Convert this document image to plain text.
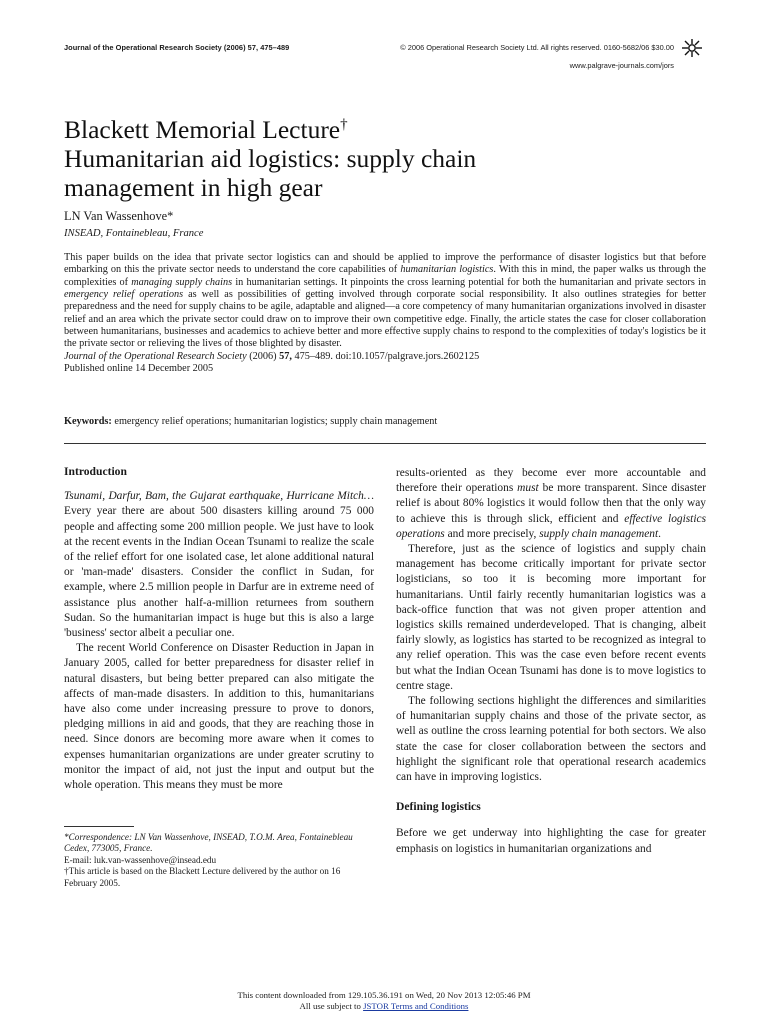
Journal of the Operational Research Society (2006) 57, 475–489	© 2006 Operational Research Society Ltd. All rights reserved. 0160-5682/06 $30.00
www.palgrave-journals.com/jors
Blackett Memorial Lecture†
Humanitarian aid logistics: supply chain
management in high gear
LN Van Wassenhove*
INSEAD, Fontainebleau, France

This paper builds on the idea that private sector logistics can and should be applied to improve the performance of disaster logistics but that before embarking on this the private sector needs to understand the core capabilities of humanitarian logistics. With this in mind, the paper walks us through the complexities of managing supply chains in humanitarian settings. It pinpoints the cross learning potential for both the humanitarian and private sectors in emergency relief operations as well as possibilities of getting involved through corporate social responsibility. It also outlines strategies for better preparedness and the need for supply chains to be agile, adaptable and aligned—a core competency of many humanitarian organizations involved in disaster relief and an area which the private sector could draw on to improve their own competitive edge. Finally, the article states the case for closer collaboration between humanitarians, businesses and academics to achieve better and more effective supply chains to respond to the complexities of today's logistics be it the private sector or relieving the lives of those blighted by disaster.

Journal of the Operational Research Society (2006) 57, 475–489. doi:10.1057/palgrave.jors.2602125

Published online 14 December 2005

Keywords: emergency relief operations; humanitarian logistics; supply chain management
Introduction

Tsunami, Darfur, Bam, the Gujarat earthquake, Hurricane Mitch… Every year there are about 500 disasters killing around 75 000 people and affecting some 200 million people. We just have to look at the recent events in the Indian Ocean Tsunami to realize the scale of the relief effort for one isolated case, let alone additional natural or 'man-made' disasters. Consider the conflict in Sudan, for example, where 2.5 million people in Darfur are in extreme need of assistance plus another half-a-million returnees from southern Sudan. So the humanitarian impact is huge but this is also a large 'business' sector albeit a peculiar one.

The recent World Conference on Disaster Reduction in Japan in January 2005, called for better preparedness for disaster relief in natural disasters, but being better prepared can also mitigate the affects of man-made disasters. In addition to this, humanitarians have also come under increasing pressure to prove to donors, pledging millions in aid and goods, that they are reaching those in need. Since donors are becoming more aware when it comes to expenses humanitarian organizations are under greater scrutiny to monitor the impact of aid, not just the input and output but the whole operation. This means they must be more

*Correspondence: LN Van Wassenhove, INSEAD, T.O.M. Area, Fontainebleau Cedex, 773005, France.
E-mail: luk.van-wassenhove@insead.edu
†This article is based on the Blackett Lecture delivered by the author on 16 February 2005.

results-oriented as they become ever more accountable and therefore their operations must be more transparent. Since disaster relief is about 80% logistics it would follow then that the only way to achieve this is through slick, efficient and effective logistics operations and more precisely, supply chain management.

Therefore, just as the science of logistics and supply chain management has become critically important for private sector logisticians, so too it is becoming more important for humanitarians. Until fairly recently humanitarian logistics was a back-office function that was not given proper attention and logistics skills remained underdeveloped. That is changing, albeit fairly slowly, as logistics has started to be recognized as integral to any relief operation. This was the case even before recent events but what the Indian Ocean Tsunami has done is to move logistics to centre stage.

The following sections highlight the differences and similarities of humanitarian supply chains and those of the private sector, as well as outline the cross learning potential for both sectors. We also state the case for closer collaboration between the sectors and highlight the significant role that operational research academics can have in improving logistics.

Defining logistics

Before we get underway into highlighting the case for greater emphasis on logistics in humanitarian organizations and

This content downloaded from 129.105.36.191 on Wed, 20 Nov 2013 12:05:46 PM
All use subject to JSTOR Terms and Conditions
